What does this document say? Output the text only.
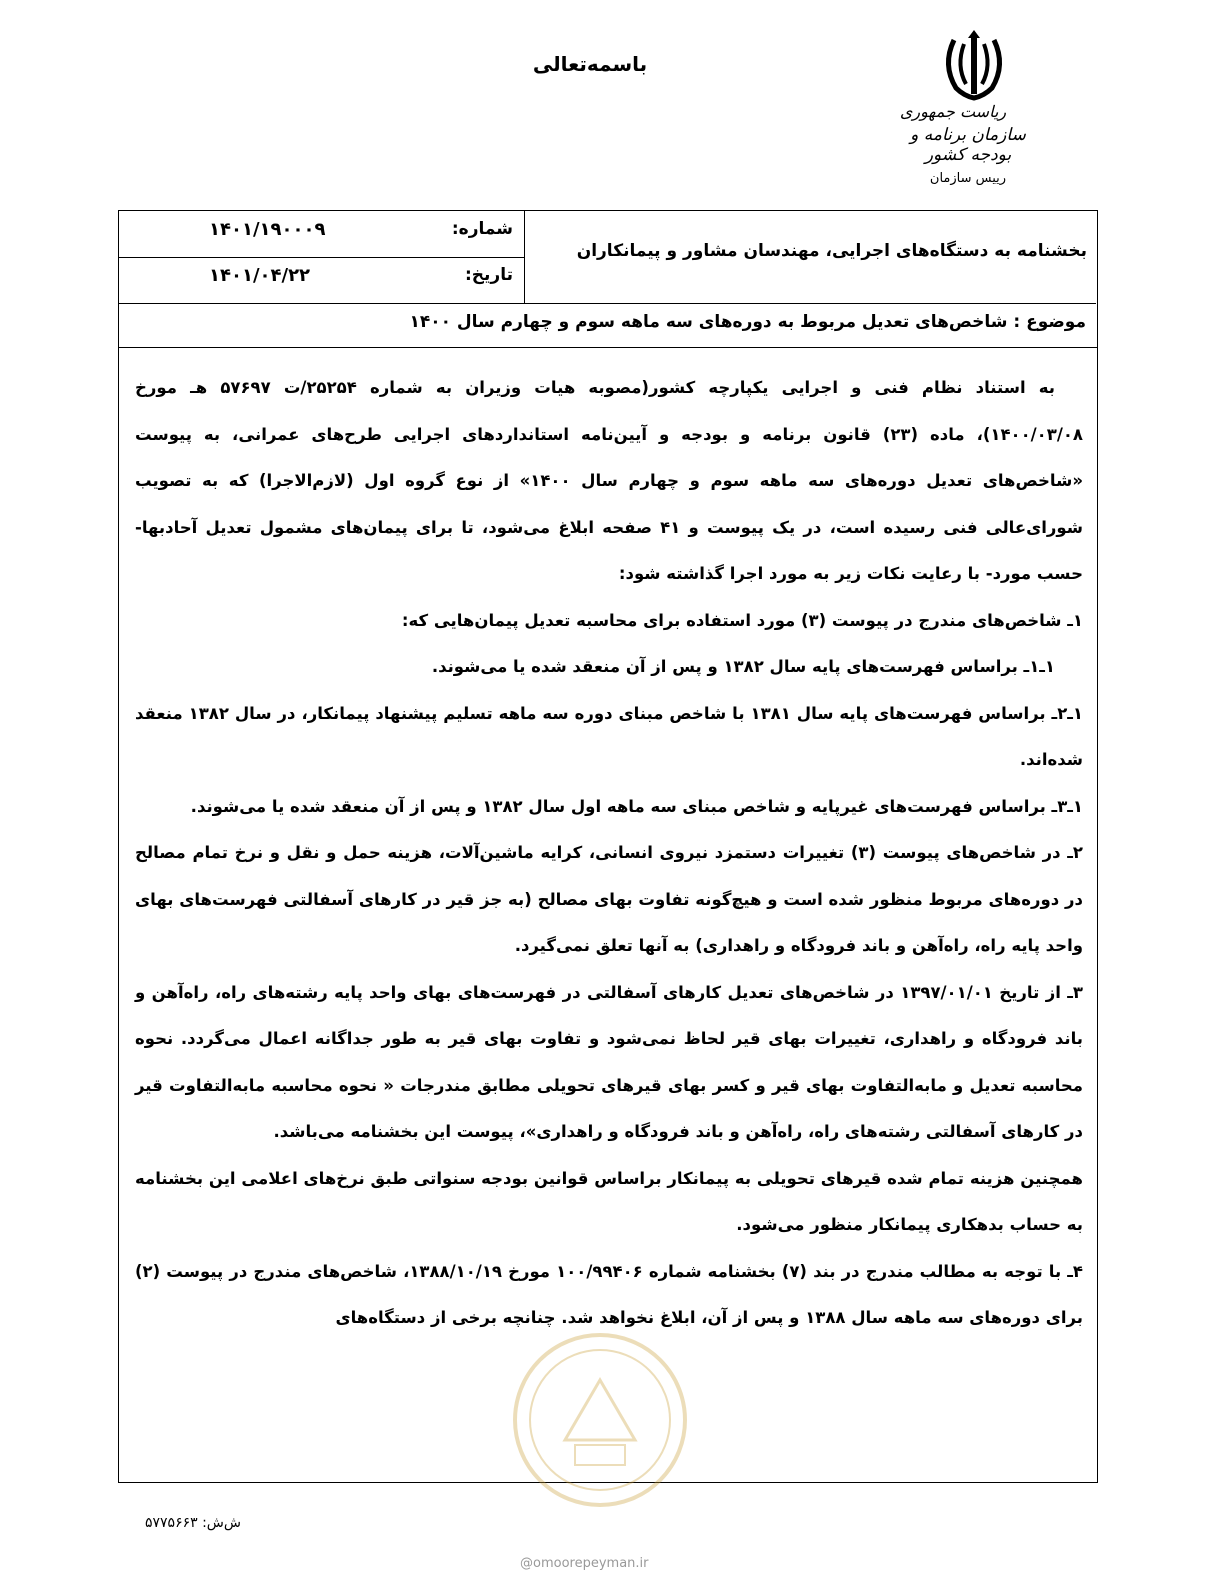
باسمه‌تعالی
ریاست جمهوری
سازمان برنامه و بودجه کشور
رییس سازمان
بخشنامه به دستگاه‌های اجرایی، مهندسان مشاور و پیمانکاران
شماره:
۱۴۰۱/۱۹۰۰۰۹
تاریخ:
۱۴۰۱/۰۴/۲۲
موضوع : شاخص‌های تعدیل مربوط به دوره‌های سه ماهه سوم و چهارم سال ۱۴۰۰

به استناد نظام فنی و اجرایی یکپارچه کشور(مصوبه هیات وزیران به شماره ۲۵۲۵۴/ت ۵۷۶۹۷ هـ مورخ ۱۴۰۰/۰۳/۰۸)، ماده (۲۳) قانون برنامه و بودجه و آیین‌نامه استانداردهای اجرایی طرح‌های عمرانی، به پیوست «شاخص‌های تعدیل دوره‌های سه ماهه سوم و چهارم سال ۱۴۰۰» از نوع گروه اول (لازم‌الاجرا) که به تصویب شورای‌عالی فنی رسیده است، در یک پیوست و ۴۱ صفحه ابلاغ می‌شود، تا برای پیمان‌های مشمول تعدیل آحادبها- حسب مورد- با رعایت نکات زیر به مورد اجرا گذاشته شود:

۱ـ شاخص‌های مندرج در پیوست (۳) مورد استفاده برای محاسبه تعدیل پیمان‌هایی که:

۱ـ۱ـ براساس فهرست‌های پایه سال ۱۳۸۲ و پس از آن منعقد شده یا می‌شوند.

۱ـ۲ـ براساس فهرست‌های پایه سال ۱۳۸۱ با شاخص مبنای دوره سه ماهه تسلیم پیشنهاد پیمانکار، در سال ۱۳۸۲ منعقد شده‌اند.

۱ـ۳ـ براساس فهرست‌های غیرپایه و شاخص مبنای سه ماهه اول سال ۱۳۸۲ و پس از آن منعقد شده یا می‌شوند.

۲ـ در شاخص‌های پیوست (۳) تغییرات دستمزد نیروی انسانی، کرایه ماشین‌آلات، هزینه حمل و نقل و نرخ تمام مصالح در دوره‌های مربوط منظور شده است و هیچ‌گونه تفاوت بهای مصالح (به جز قیر در کارهای آسفالتی فهرست‌های بهای واحد پایه راه، راه‌آهن و باند فرودگاه و راهداری) به آنها تعلق نمی‌گیرد.

۳ـ از تاریخ ۱۳۹۷/۰۱/۰۱ در شاخص‌های تعدیل کارهای آسفالتی در فهرست‌های بهای واحد پایه رشته‌های راه، راه‌آهن و باند فرودگاه و راهداری، تغییرات بهای قیر لحاظ نمی‌شود و تفاوت بهای قیر به طور جداگانه اعمال می‌گردد. نحوه محاسبه تعدیل و مابه‌التفاوت بهای قیر و کسر بهای قیرهای تحویلی مطابق مندرجات « نحوه محاسبه مابه‌التفاوت قیر در کارهای آسفالتی رشته‌های راه، راه‌آهن و باند فرودگاه و راهداری»، پیوست این بخشنامه می‌باشد.

همچنین هزینه تمام شده قیرهای تحویلی به پیمانکار براساس قوانین بودجه سنواتی طبق نرخ‌های اعلامی این بخشنامه به حساب بدهکاری پیمانکار منظور می‌شود.

۴ـ با توجه به مطالب مندرج در بند (۷) بخشنامه شماره ۱۰۰/۹۹۴۰۶ مورخ ۱۳۸۸/۱۰/۱۹، شاخص‌های مندرج در پیوست (۲) برای دوره‌های سه ماهه سال ۱۳۸۸ و پس از آن، ابلاغ نخواهد شد. چنانچه برخی از دستگاه‌های

@omoorepeyman.ir
ش‌ش: ۵۷۷۵۶۶۳
